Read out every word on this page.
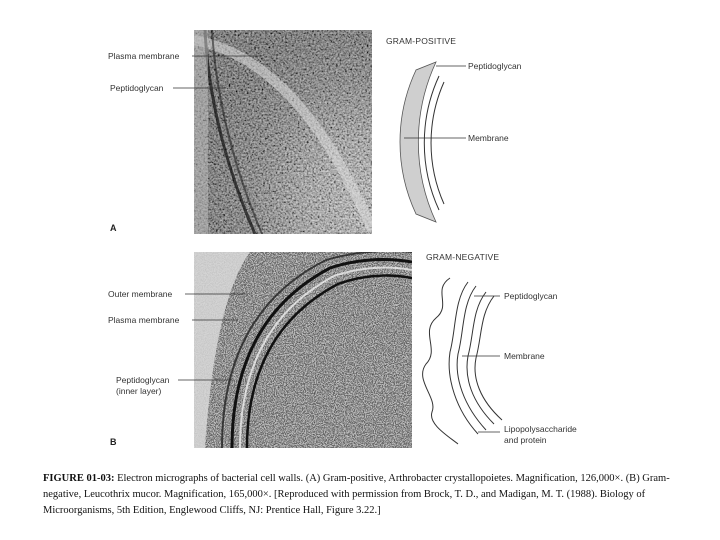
GRAM-POSITIVE
Plasma membrane
Peptidoglycan
Peptidoglycan
Membrane
A
GRAM-NEGATIVE
Outer membrane
Plasma membrane
Peptidoglycan
(inner layer)
Peptidoglycan
Membrane
Lipopolysaccharide
and protein
B
FIGURE 01-03: Electron micrographs of bacterial cell walls. (A) Gram-positive, Arthrobacter crystallopoietes. Magnification, 126,000×. (B) Gram-negative, Leucothrix mucor. Magnification, 165,000×. [Reproduced with permission from Brock, T. D., and Madigan, M. T. (1988). Biology of Microorganisms, 5th Edition, Englewood Cliffs, NJ: Prentice Hall, Figure 3.22.]
